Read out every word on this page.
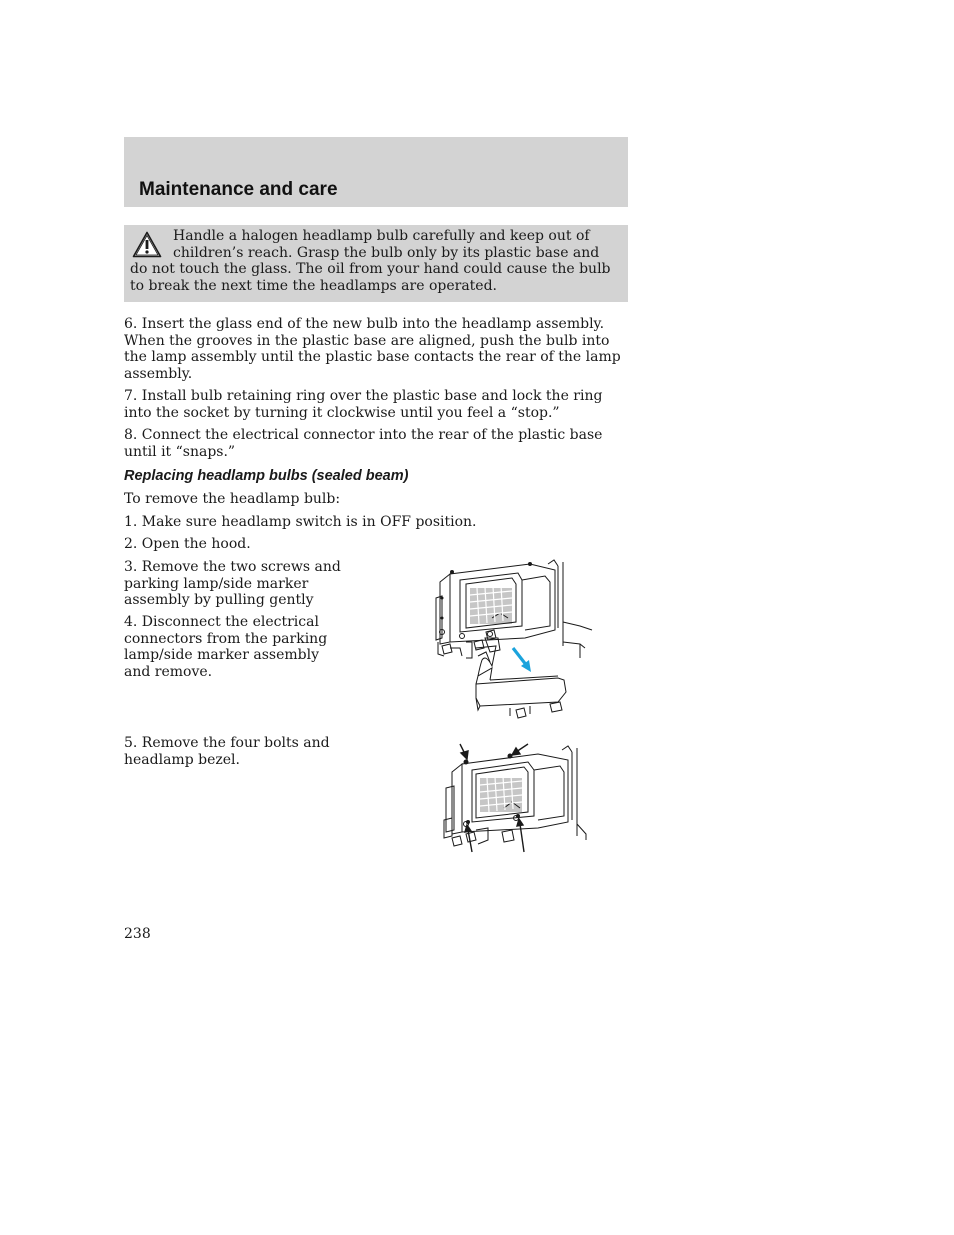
Maintenance and care

Handle a halogen headlamp bulb carefully and keep out of children’s reach. Grasp the bulb only by its plastic base and do not touch the glass. The oil from your hand could cause the bulb to break the next time the headlamps are operated.

6. Insert the glass end of the new bulb into the headlamp assembly. When the grooves in the plastic base are aligned, push the bulb into the lamp assembly until the plastic base contacts the rear of the lamp assembly.

7. Install bulb retaining ring over the plastic base and lock the ring into the socket by turning it clockwise until you feel a “stop.”

8. Connect the electrical connector into the rear of the plastic base until it “snaps.”

Replacing headlamp bulbs (sealed beam)

To remove the headlamp bulb:

1. Make sure headlamp switch is in OFF position.

2. Open the hood.

3. Remove the two screws and parking lamp/side marker assembly by pulling gently

4. Disconnect the electrical connectors from the parking lamp/side marker assembly and remove.

5. Remove the four bolts and headlamp bezel.

238
